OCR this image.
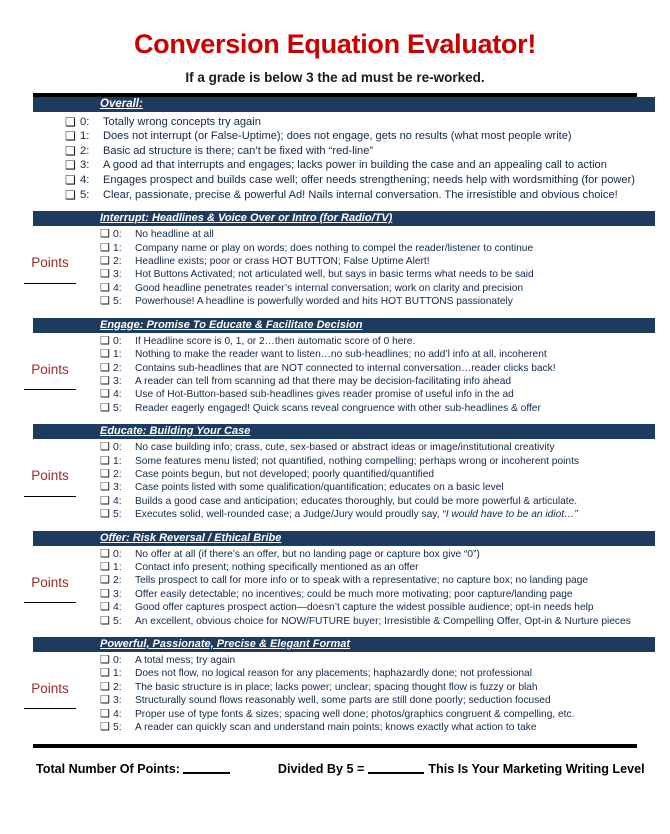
Conversion Equation Evaluator!
If a grade is below 3 the ad must be re-worked.
Overall:
❑ 0:	Totally wrong concepts try again
❑ 1:	Does not interrupt (or False-Uptime); does not engage, gets no results (what most people write)
❑ 2:	Basic ad structure is there; can’t be fixed with “red-line”
❑ 3:	A good ad that interrupts and engages; lacks power in building the case and an appealing call to action
❑ 4:	Engages prospect and builds case well; offer needs strengthening; needs help with wordsmithing (for power)
❑ 5:	Clear, passionate, precise & powerful Ad! Nails internal conversation. The irresistible and obvious choice!
Interrupt: Headlines & Voice Over or Intro (for Radio/TV)
Points
❑ 0:	No headline at all
❑ 1:	Company name or play on words; does nothing to compel the reader/listener to continue
❑ 2:	Headline exists; poor or crass HOT BUTTON; False Uptime Alert!
❑ 3:	Hot Buttons Activated; not articulated well, but says in basic terms what needs to be said
❑ 4:	Good headline penetrates reader’s internal conversation; work on clarity and precision
❑ 5:	Powerhouse! A headline is powerfully worded and hits HOT BUTTONS passionately
Engage: Promise To Educate & Facilitate Decision
Points
❑ 0:	If Headline score is 0, 1, or 2…then automatic score of 0 here.
❑ 1:	Nothing to make the reader want to listen…no sub-headlines; no add’l info at all, incoherent
❑ 2:	Contains sub-headlines that are NOT connected to internal conversation…reader clicks back!
❑ 3:	A reader can tell from scanning ad that there may be decision-facilitating info ahead
❑ 4:	Use of Hot-Button-based sub-headlines gives reader promise of useful info in the ad
❑ 5:	Reader eagerly engaged! Quick scans reveal congruence with other sub-headlines & offer
Educate: Building Your Case
Points
❑ 0:	No case building info; crass, cute, sex-based or abstract ideas or image/institutional creativity
❑ 1:	Some features menu listed; not quantified, nothing compelling; perhaps wrong or incoherent points
❑ 2:	Case points begun, but not developed; poorly quantified/quantified
❑ 3:	Case points listed with some qualification/quantification; educates on a basic level
❑ 4:	Builds a good case and anticipation; educates thoroughly, but could be more powerful & articulate.
❑ 5:	Executes solid, well-rounded case; a Judge/Jury would proudly say, “I would have to be an idiot…”
Offer: Risk Reversal / Ethical Bribe
Points
❑ 0:	No offer at all (if there’s an offer, but no landing page or capture box give “0”)
❑ 1:	Contact info present; nothing specifically mentioned as an offer
❑ 2:	Tells prospect to call for more info or to speak with a representative; no capture box; no landing page
❑ 3:	Offer easily detectable; no incentives; could be much more motivating; poor capture/landing page
❑ 4:	Good offer captures prospect action—doesn’t capture the widest possible audience; opt-in needs help
❑ 5:	An excellent, obvious choice for NOW/FUTURE buyer; Irresistible & Compelling Offer, Opt-in & Nurture pieces
Powerful, Passionate, Precise & Elegant Format
Points
❑ 0:	A total mess; try again
❑ 1:	Does not flow, no logical reason for any placements; haphazardly done; not professional
❑ 2:	The basic structure is in place; lacks power; unclear; spacing thought flow is fuzzy or blah
❑ 3:	Structurally sound flows reasonably well, some parts are still done poorly; seduction focused
❑ 4:	Proper use of type fonts & sizes; spacing well done; photos/graphics congruent & compelling, etc.
❑ 5:	A reader can quickly scan and understand main points; knows exactly what action to take
Total Number Of Points:	Divided By 5 =	This Is Your Marketing Writing Level
